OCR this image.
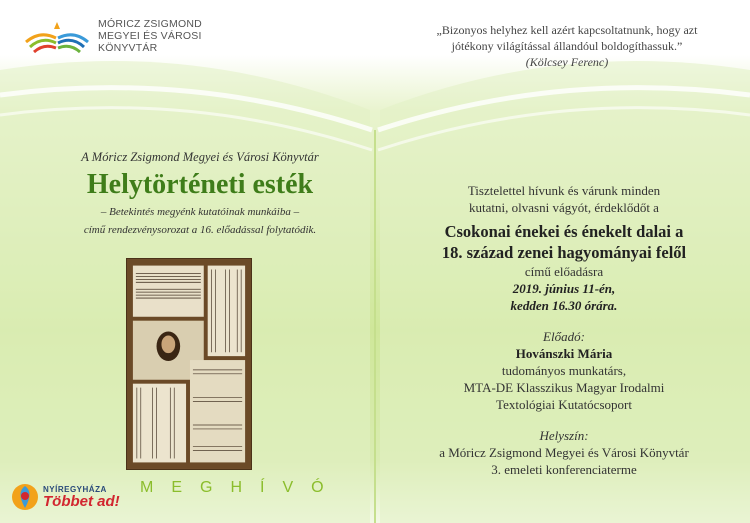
MÓRICZ ZSIGMOND
MEGYEI ÉS VÁROSI
KÖNYVTÁR
„Bizonyos helyhez kell azért kapcsoltatnunk, hogy azt
jótékony világítással állandóul boldogíthassuk.”
(Kölcsey Ferenc)
A Móricz Zsigmond Megyei és Városi Könyvtár
Helytörténeti esték
– Betekintés megyénk kutatóinak munkáiba –
című rendezvénysorozat a 16. előadással folytatódik.
MEGHÍVÓ
NYÍREGYHÁZA
Többet ad!
Tisztelettel hívunk és várunk minden
kutatni, olvasni vágyót, érdeklődőt a
Csokonai énekei és énekelt dalai a
18. század zenei hagyományai felől
című előadásra
2019. június 11-én,
kedden 16.30 órára.
Előadó:
Hovánszki Mária
tudományos munkatárs,
MTA-DE Klasszikus Magyar Irodalmi
Textológiai Kutatócsoport
Helyszín:
a Móricz Zsigmond Megyei és Városi Könyvtár
3. emeleti konferenciaterme
